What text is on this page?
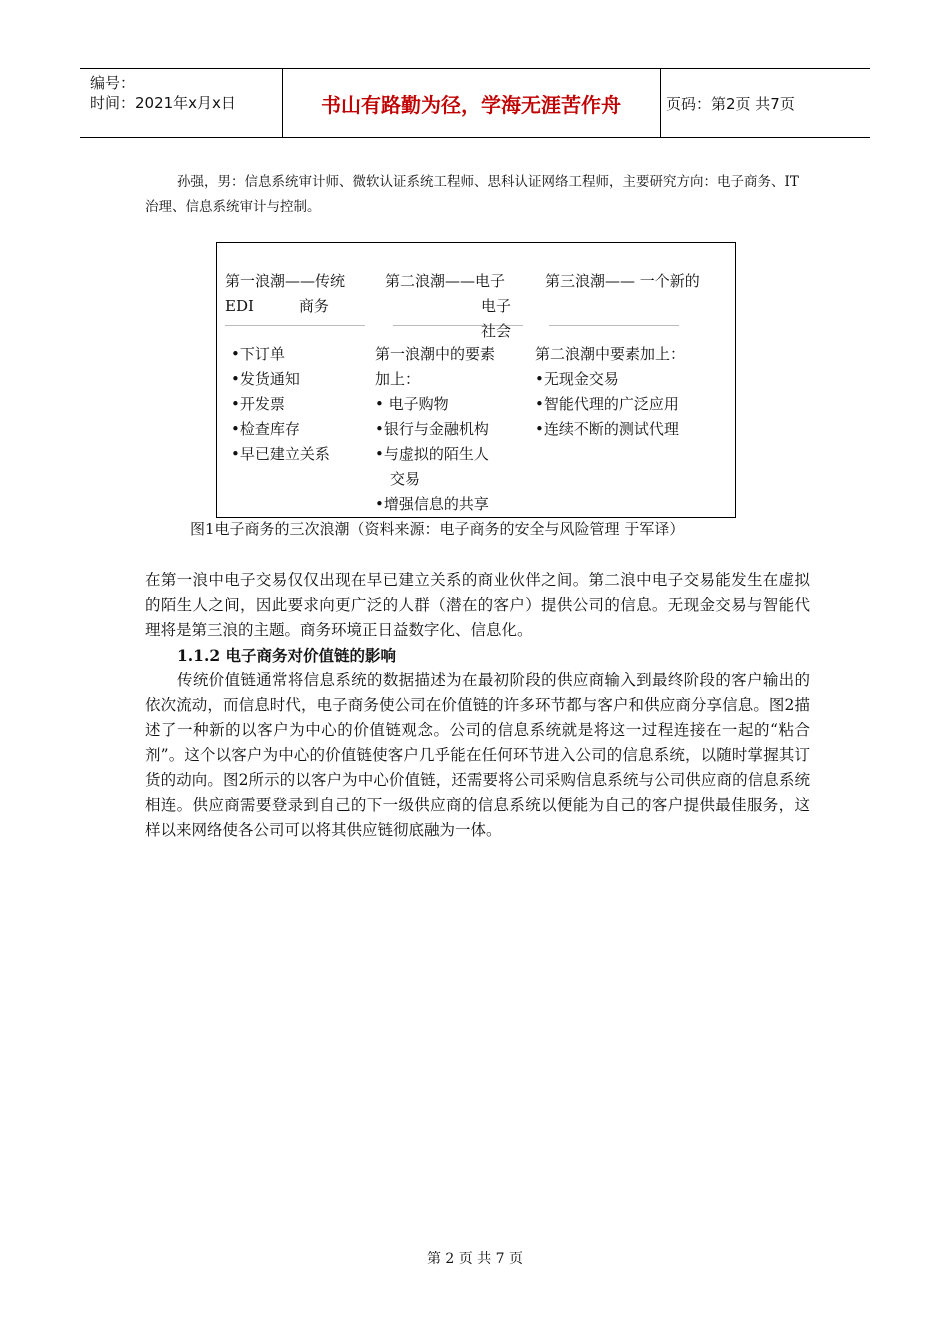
编号：
时间：2021年x月x日	书山有路勤为径，学海无涯苦作舟	页码：第2页 共7页
孙强，男：信息系统审计师、微软认证系统工程师、思科认证网络工程师，主要研究方向：电子商务、IT治理、信息系统审计与控制。
第一浪潮——传统
EDI　　　商务
•下订单
•发货通知
•开发票
•检查库存
•早已建立关系
第二浪潮——电子
电子社会
第一浪潮中的要素
加上：
• 电子购物
•银行与金融机构
•与虚拟的陌生人
　交易
•增强信息的共享
第三浪潮—— 一个新的
第二浪潮中要素加上：
•无现金交易
•智能代理的广泛应用
•连续不断的测试代理
图1电子商务的三次浪潮（资料来源：电子商务的安全与风险管理 于军译）

在第一浪中电子交易仅仅出现在早已建立关系的商业伙伴之间。第二浪中电子交易能发生在虚拟的陌生人之间，因此要求向更广泛的人群（潜在的客户）提供公司的信息。无现金交易与智能代理将是第三浪的主题。商务环境正日益数字化、信息化。

1.1.2 电子商务对价值链的影响

传统价值链通常将信息系统的数据描述为在最初阶段的供应商输入到最终阶段的客户输出的依次流动，而信息时代，电子商务使公司在价值链的许多环节都与客户和供应商分享信息。图2描述了一种新的以客户为中心的价值链观念。公司的信息系统就是将这一过程连接在一起的“粘合剂”。这个以客户为中心的价值链使客户几乎能在任何环节进入公司的信息系统，以随时掌握其订货的动向。图2所示的以客户为中心价值链，还需要将公司采购信息系统与公司供应商的信息系统相连。供应商需要登录到自己的下一级供应商的信息系统以便能为自己的客户提供最佳服务，这样以来网络使各公司可以将其供应链彻底融为一体。

第 2 页 共 7 页
